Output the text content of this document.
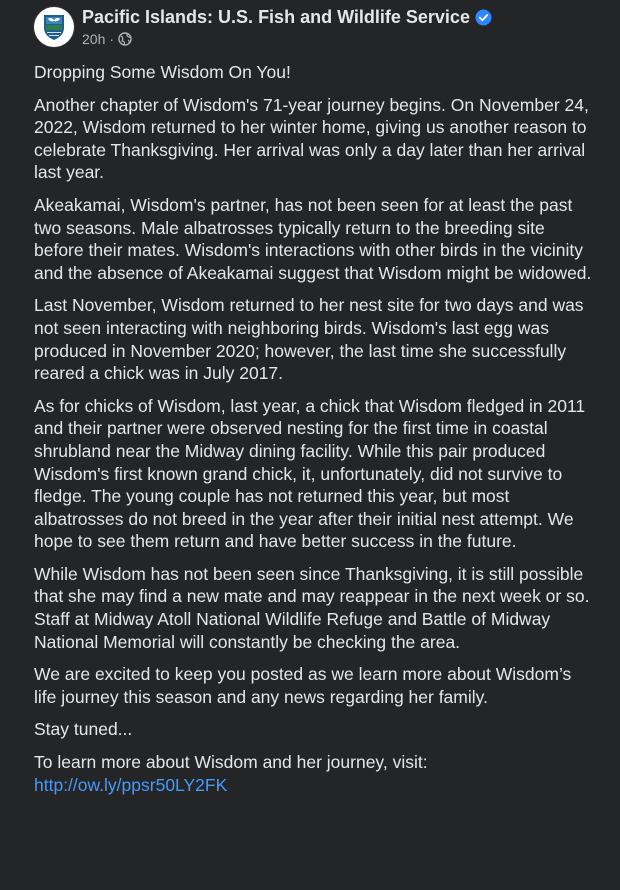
Pacific Islands: U.S. Fish and Wildlife Service
20h ·

Dropping Some Wisdom On You!

Another chapter of Wisdom's 71-year journey begins. On November 24, 2022, Wisdom returned to her winter home, giving us another reason to celebrate Thanksgiving. Her arrival was only a day later than her arrival last year.

Akeakamai, Wisdom's partner, has not been seen for at least the past two seasons. Male albatrosses typically return to the breeding site before their mates. Wisdom's interactions with other birds in the vicinity and the absence of Akeakamai suggest that Wisdom might be widowed.

Last November, Wisdom returned to her nest site for two days and was not seen interacting with neighboring birds. Wisdom's last egg was produced in November 2020; however, the last time she successfully reared a chick was in July 2017.

As for chicks of Wisdom, last year, a chick that Wisdom fledged in 2011 and their partner were observed nesting for the first time in coastal shrubland near the Midway dining facility. While this pair produced Wisdom's first known grand chick, it, unfortunately, did not survive to fledge. The young couple has not returned this year, but most albatrosses do not breed in the year after their initial nest attempt. We hope to see them return and have better success in the future.

While Wisdom has not been seen since Thanksgiving, it is still possible that she may find a new mate and may reappear in the next week or so. Staff at Midway Atoll National Wildlife Refuge and Battle of Midway National Memorial will constantly be checking the area.

We are excited to keep you posted as we learn more about Wisdom’s life journey this season and any news regarding her family.

Stay tuned...

To learn more about Wisdom and her journey, visit:
http://ow.ly/ppsr50LY2FK
